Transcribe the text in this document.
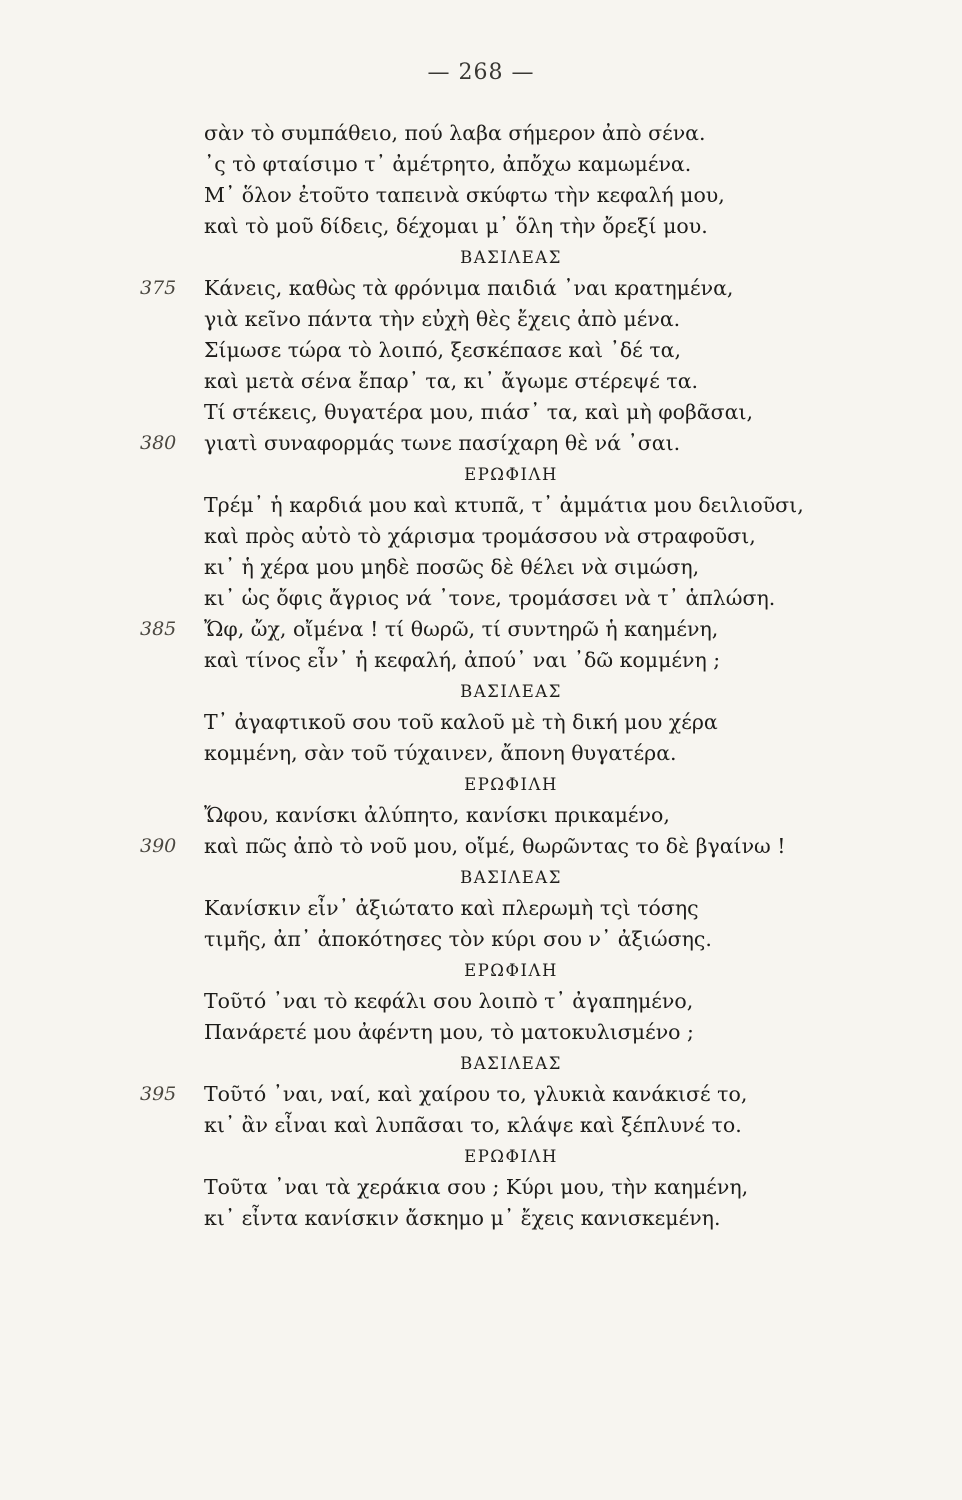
— 268 —
σὰν τὸ συμπάθειο, πού λαβα σήμερον ἀπὸ σένα.
᾿ς τὸ φταίσιμο τ᾿ ἀμέτρητο, ἀπὄχω καμωμένα.
Μ᾿ ὅλον ἐτοῦτο ταπεινὰ σκύφτω τὴν κεφαλή μου,
καὶ τὸ μοῦ δίδεις, δέχομαι μ᾿ ὅλη τὴν ὄρεξί μου.
ΒΑΣΙΛΕΑΣ
375 Κάνεις, καθὼς τὰ φρόνιμα παιδιά ᾿ναι κρατημένα,
γιὰ κεῖνο πάντα τὴν εὐχὴ θὲς ἔχεις ἀπὸ μένα.
Σίμωσε τώρα τὸ λοιπό, ξεσκέπασε καὶ ᾿δέ τα,
καὶ μετὰ σένα ἔπαρ᾿ τα, κι᾿ ἄγωμε στέρεψέ τα.
Τί στέκεις, θυγατέρα μου, πιάσ᾿ τα, καὶ μὴ φοβᾶσαι,
380 γιατὶ συναφορμάς τωνε πασίχαρη θὲ νά ᾿σαι.
ΕΡΩΦΙΛΗ
Τρέμ᾿ ἡ καρδιά μου καὶ κτυπᾶ, τ᾿ ἀμμάτια μου δειλιοῦσι,
καὶ πρὸς αὐτὸ τὸ χάρισμα τρομάσσου νὰ στραφοῦσι,
κι᾿ ἡ χέρα μου μηδὲ ποσῶς δὲ θέλει νὰ σιμώση,
κι᾿ ὡς ὄφις ἄγριος νά ᾿τονε, τρομάσσει νὰ τ᾿ ἁπλώση.
385 Ὤφ, ὤχ, οἴμένα ! τί θωρῶ, τί συντηρῶ ἡ καημένη,
καὶ τίνος εἶν᾿ ἡ κεφαλή, ἀπού᾿ ναι ᾿δῶ κομμένη ;
ΒΑΣΙΛΕΑΣ
Τ᾿ ἀγαφτικοῦ σου τοῦ καλοῦ μὲ τὴ δική μου χέρα
κομμένη, σὰν τοῦ τύχαινεν, ἄπονη θυγατέρα.
ΕΡΩΦΙΛΗ
Ὤφου, κανίσκι ἀλύπητο, κανίσκι πρικαμένο,
390 καὶ πῶς ἀπὸ τὸ νοῦ μου, οἴμέ, θωρῶντας το δὲ βγαίνω !
ΒΑΣΙΛΕΑΣ
Κανίσκιν εἶν᾿ ἀξιώτατο καὶ πλερωμὴ τςὶ τόσης
τιμῆς, ἀπ᾿ ἀποκότησες τὸν κύρι σου ν᾿ ἀξιώσης.
ΕΡΩΦΙΛΗ
Τοῦτό ᾿ναι τὸ κεφάλι σου λοιπὸ τ᾿ ἀγαπημένο,
Πανάρετέ μου ἀφέντη μου, τὸ ματοκυλισμένο ;
ΒΑΣΙΛΕΑΣ
395 Τοῦτό ᾿ναι, ναί, καὶ χαίρου το, γλυκιὰ κανάκισέ το,
κι᾿ ἂν εἶναι καὶ λυπᾶσαι το, κλάψε καὶ ξέπλυνέ το.
ΕΡΩΦΙΛΗ
Τοῦτα ᾿ναι τὰ χεράκια σου ; Κύρι μου, τὴν καημένη,
κι᾿ εἶντα κανίσκιν ἄσκημο μ᾿ ἔχεις κανισκεμένη.
